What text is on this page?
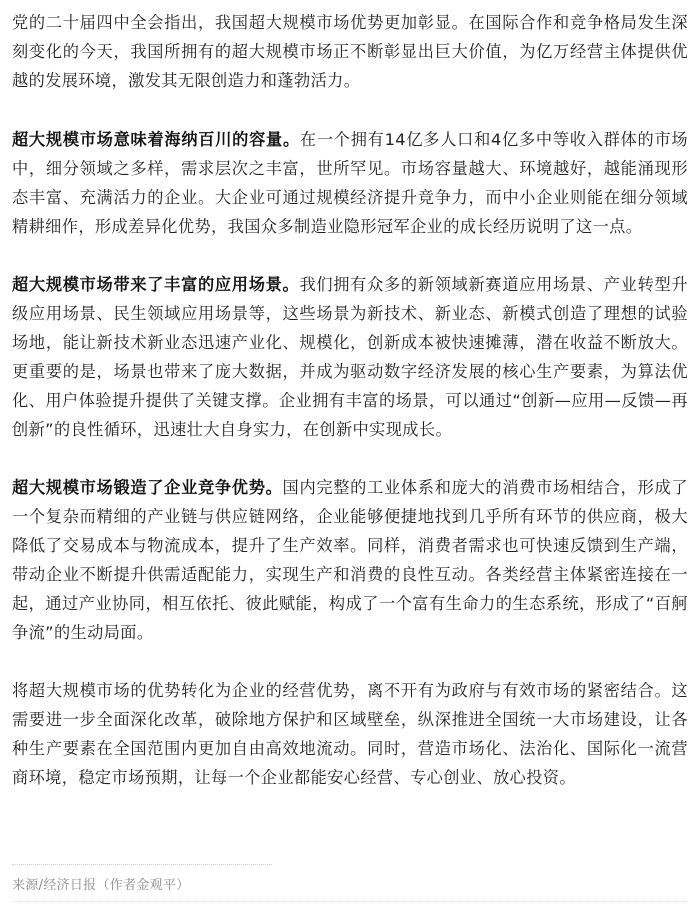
党的二十届四中全会指出，我国超大规模市场优势更加彰显。在国际合作和竞争格局发生深刻变化的今天，我国所拥有的超大规模市场正不断彰显出巨大价值，为亿万经营主体提供优越的发展环境，激发其无限创造力和蓬勃活力。

超大规模市场意味着海纳百川的容量。在一个拥有14亿多人口和4亿多中等收入群体的市场中，细分领域之多样，需求层次之丰富，世所罕见。市场容量越大、环境越好，越能涌现形态丰富、充满活力的企业。大企业可通过规模经济提升竞争力，而中小企业则能在细分领域精耕细作，形成差异化优势，我国众多制造业隐形冠军企业的成长经历说明了这一点。

超大规模市场带来了丰富的应用场景。我们拥有众多的新领域新赛道应用场景、产业转型升级应用场景、民生领域应用场景等，这些场景为新技术、新业态、新模式创造了理想的试验场地，能让新技术新业态迅速产业化、规模化，创新成本被快速摊薄，潜在收益不断放大。更重要的是，场景也带来了庞大数据，并成为驱动数字经济发展的核心生产要素，为算法优化、用户体验提升提供了关键支撑。企业拥有丰富的场景，可以通过“创新—应用—反馈—再创新”的良性循环，迅速壮大自身实力，在创新中实现成长。

超大规模市场锻造了企业竞争优势。国内完整的工业体系和庞大的消费市场相结合，形成了一个复杂而精细的产业链与供应链网络，企业能够便捷地找到几乎所有环节的供应商，极大降低了交易成本与物流成本，提升了生产效率。同样，消费者需求也可快速反馈到生产端，带动企业不断提升供需适配能力，实现生产和消费的良性互动。各类经营主体紧密连接在一起，通过产业协同，相互依托、彼此赋能，构成了一个富有生命力的生态系统，形成了“百舸争流”的生动局面。

将超大规模市场的优势转化为企业的经营优势，离不开有为政府与有效市场的紧密结合。这需要进一步全面深化改革，破除地方保护和区域壁垒，纵深推进全国统一大市场建设，让各种生产要素在全国范围内更加自由高效地流动。同时，营造市场化、法治化、国际化一流营商环境，稳定市场预期，让每一个企业都能安心经营、专心创业、放心投资。

来源/经济日报（作者金观平）
